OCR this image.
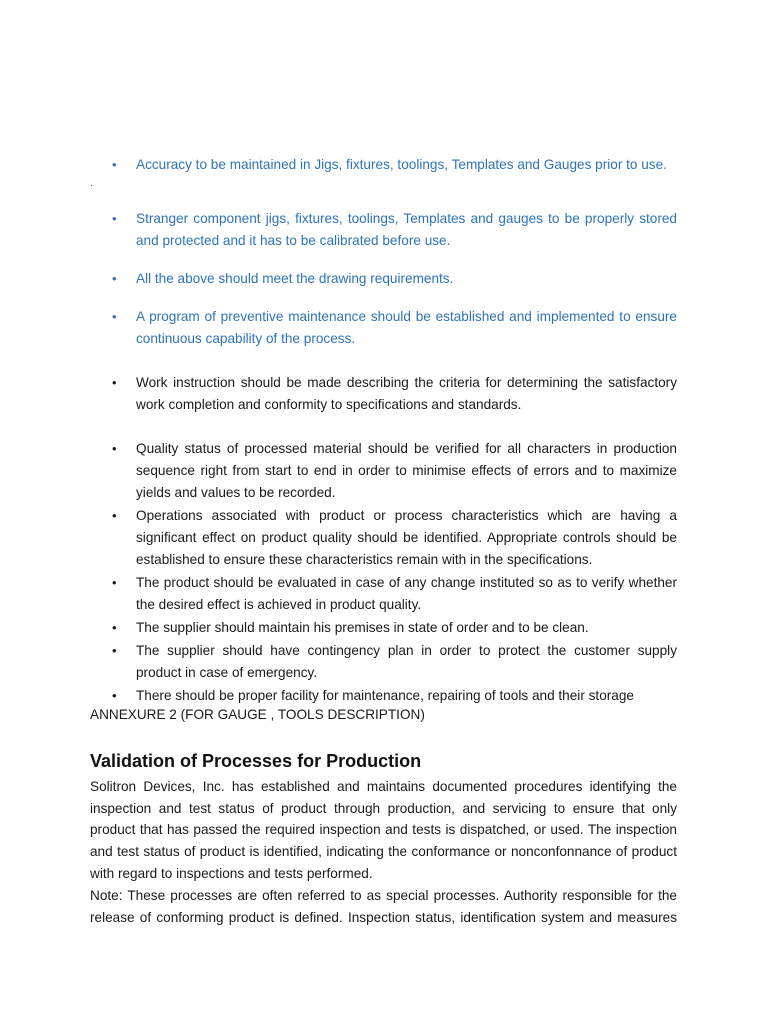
.
• Accuracy to be maintained in Jigs, fixtures, toolings, Templates and Gauges prior to use.
• Stranger component jigs, fixtures, toolings, Templates and gauges to be properly stored and protected and it has to be calibrated before use.
• All the above should meet the drawing requirements.
• A program of preventive maintenance should be established and implemented to ensure continuous capability of the process.
• Work instruction should be made describing the criteria for determining the satisfactory work completion and conformity to specifications and standards.
• Quality status of processed material should be verified for all characters in production sequence right from start to end in order to minimise effects of errors and to maximize yields and values to be recorded.
• Operations associated with product or process characteristics which are having a significant effect on product quality should be identified. Appropriate controls should be established to ensure these characteristics remain with in the specifications.
• The product should be evaluated in case of any change instituted so as to verify whether the desired effect is achieved in product quality.
• The supplier should maintain his premises in state of order and to be clean.
• The supplier should have contingency plan in order to protect the customer supply product in case of emergency.
• There should be proper facility for maintenance, repairing of tools and their storage
ANNEXURE 2 (FOR GAUGE , TOOLS DESCRIPTION)
Validation of Processes for Production

Solitron Devices, Inc. has established and maintains documented procedures identifying the inspection and test status of product through production, and servicing to ensure that only product that has passed the required inspection and tests is dispatched, or used. The inspection and test status of product is identified, indicating the conformance or nonconfonnance of product with regard to inspections and tests performed.

Note: These processes are often referred to as special processes. Authority responsible for the release of conforming product is defined. Inspection status, identification system and measures
